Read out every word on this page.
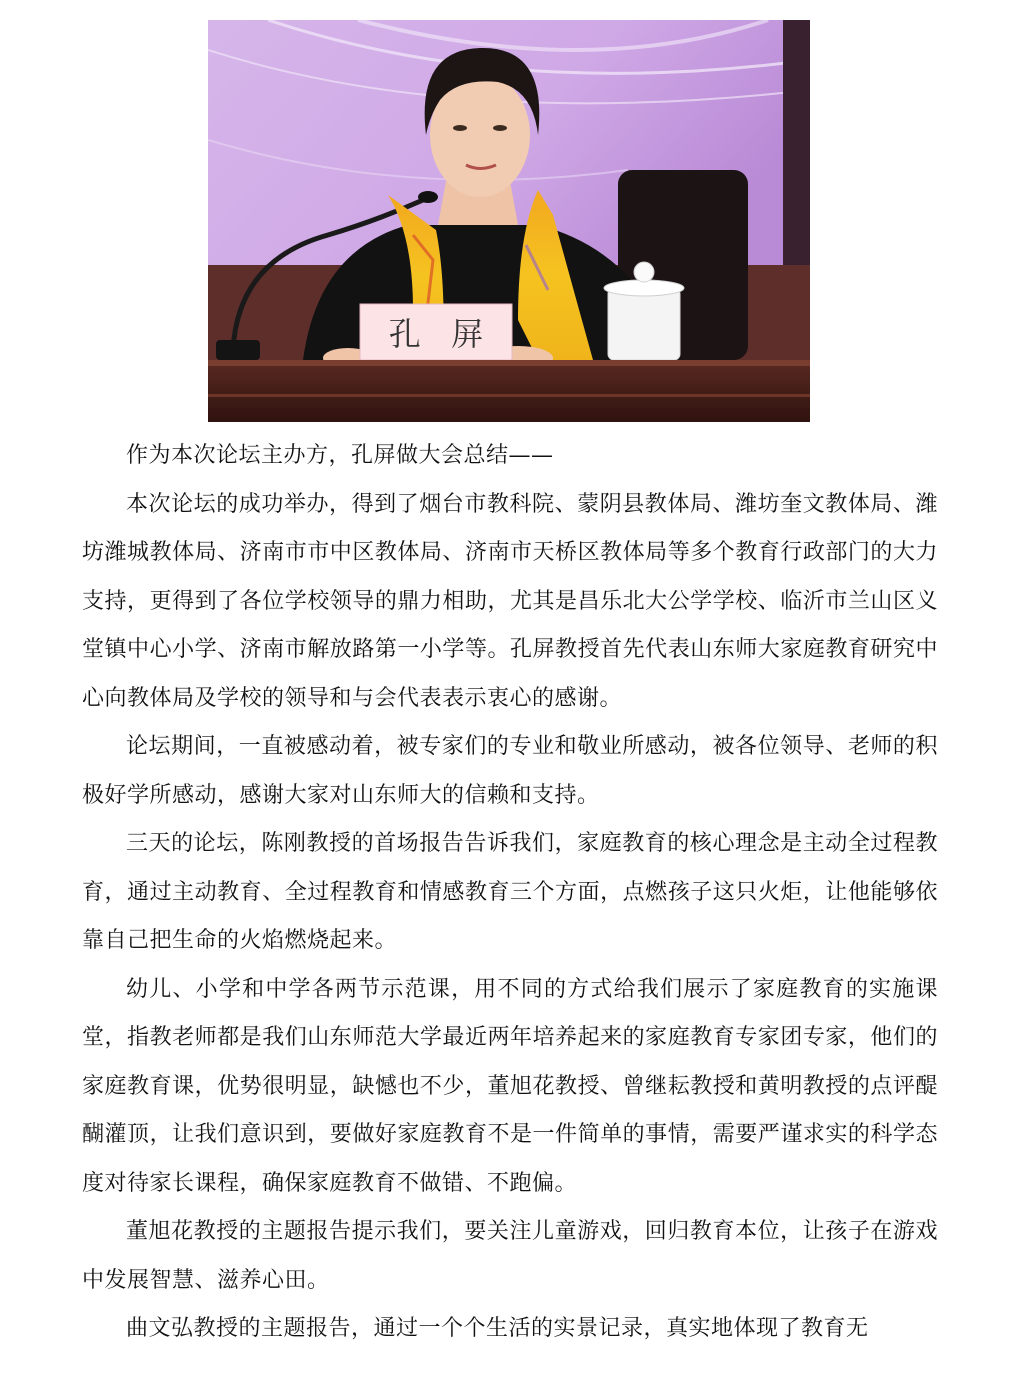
孔   屏

作为本次论坛主办方，孔屏做大会总结——

本次论坛的成功举办，得到了烟台市教科院、蒙阴县教体局、潍坊奎文教体局、潍坊潍城教体局、济南市市中区教体局、济南市天桥区教体局等多个教育行政部门的大力支持，更得到了各位学校领导的鼎力相助，尤其是昌乐北大公学学校、临沂市兰山区义堂镇中心小学、济南市解放路第一小学等。孔屏教授首先代表山东师大家庭教育研究中心向教体局及学校的领导和与会代表表示衷心的感谢。

论坛期间，一直被感动着，被专家们的专业和敬业所感动，被各位领导、老师的积极好学所感动，感谢大家对山东师大的信赖和支持。

三天的论坛，陈刚教授的首场报告告诉我们，家庭教育的核心理念是主动全过程教育，通过主动教育、全过程教育和情感教育三个方面，点燃孩子这只火炬，让他能够依靠自己把生命的火焰燃烧起来。

幼儿、小学和中学各两节示范课，用不同的方式给我们展示了家庭教育的实施课堂，指教老师都是我们山东师范大学最近两年培养起来的家庭教育专家团专家，他们的家庭教育课，优势很明显，缺憾也不少，董旭花教授、曾继耘教授和黄明教授的点评醍醐灌顶，让我们意识到，要做好家庭教育不是一件简单的事情，需要严谨求实的科学态度对待家长课程，确保家庭教育不做错、不跑偏。

董旭花教授的主题报告提示我们，要关注儿童游戏，回归教育本位，让孩子在游戏中发展智慧、滋养心田。

曲文弘教授的主题报告，通过一个个生活的实景记录，真实地体现了教育无
